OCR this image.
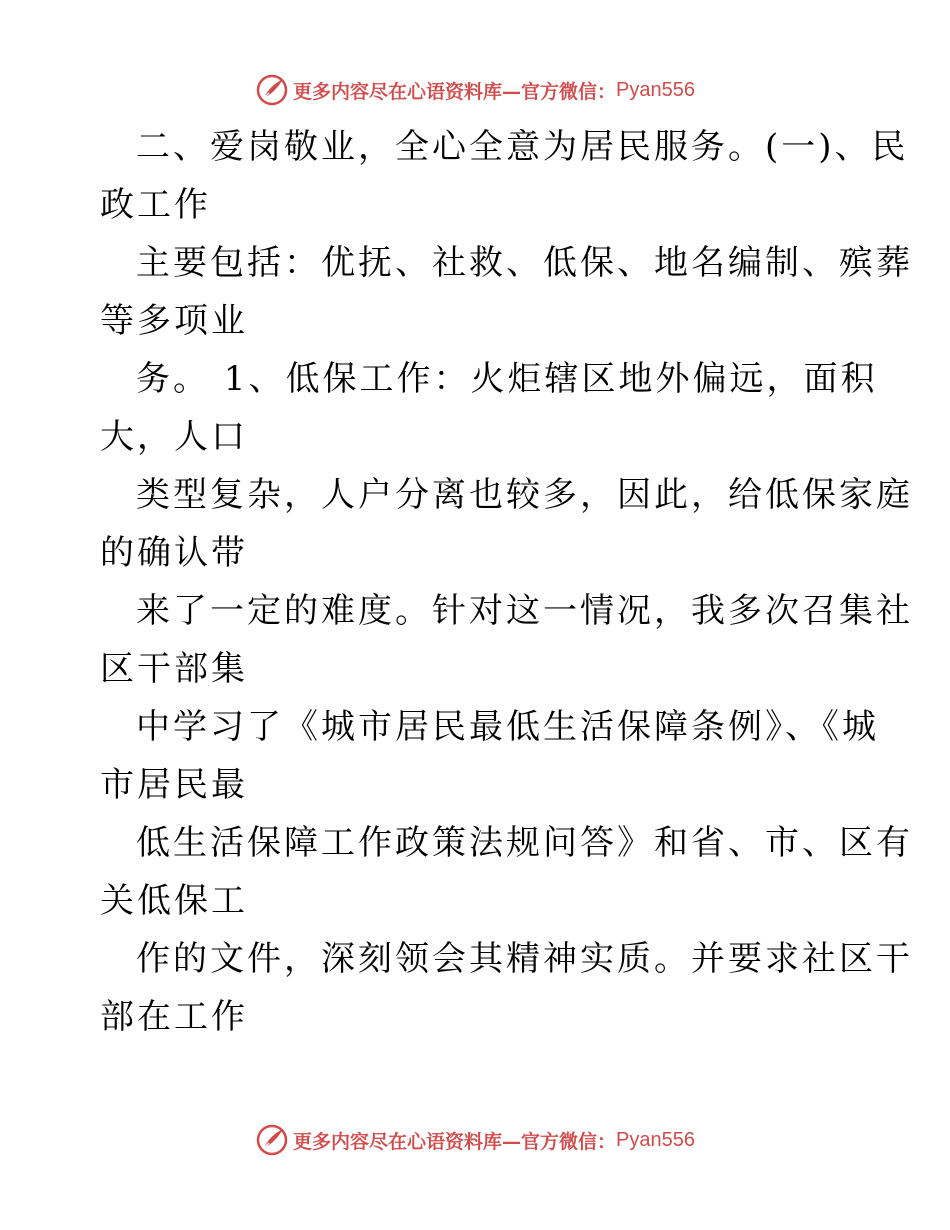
更多内容尽在心语资料库—官方微信： Pyan556
二、爱岗敬业，全心全意为居民服务。(一)、民
政工作
主要包括：优抚、社救、低保、地名编制、殡葬
等多项业
务。 1、低保工作：火炬辖区地外偏远，面积
大，人口
类型复杂，人户分离也较多，因此，给低保家庭
的确认带
来了一定的难度。针对这一情况，我多次召集社
区干部集
中学习了《城市居民最低生活保障条例》、《城
市居民最
低生活保障工作政策法规问答》和省、市、区有
关低保工
作的文件，深刻领会其精神实质。并要求社区干
部在工作
更多内容尽在心语资料库—官方微信： Pyan556
